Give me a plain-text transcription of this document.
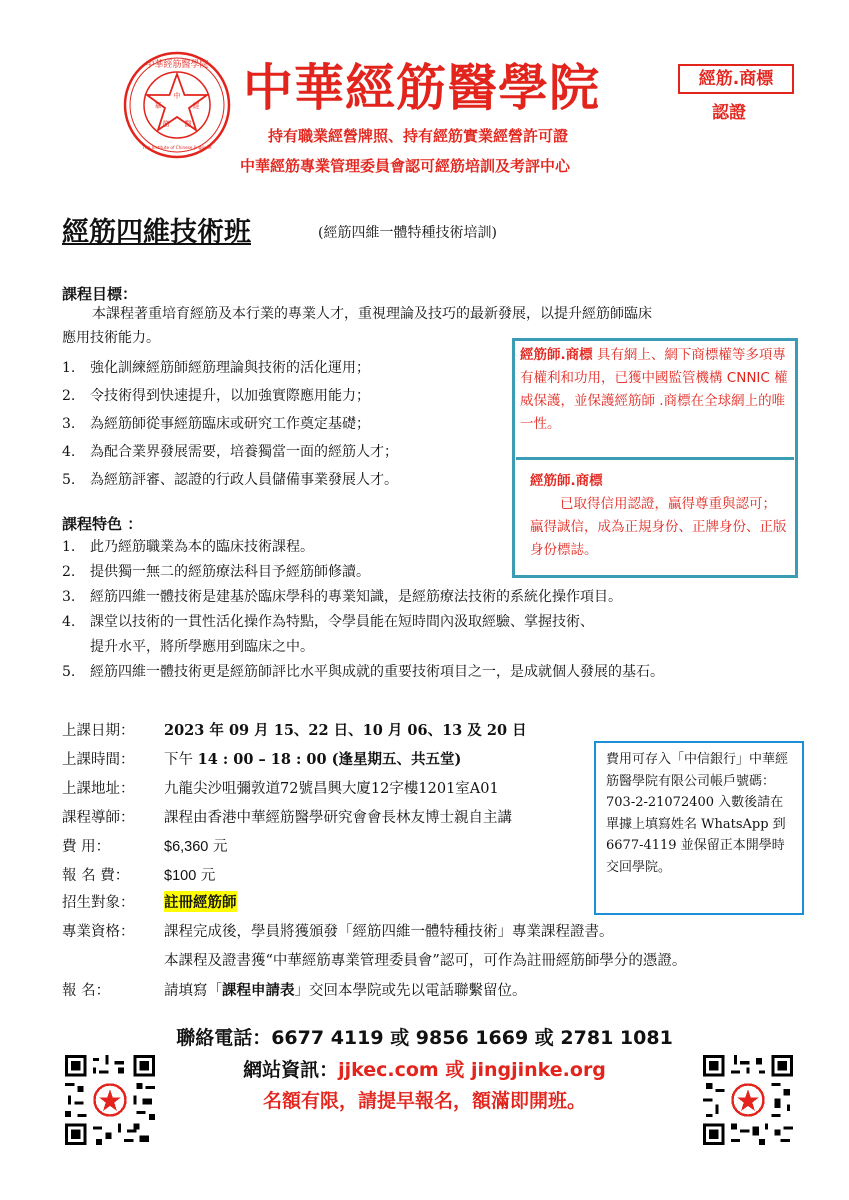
中華經筋醫學院
The Institute of Chinese JingJinke
中
華	經
筋 醫
中華經筋醫學院
持有職業經營牌照、持有經筋實業經營許可證
中華經筋專業管理委員會認可經筋培訓及考評中心
經筋.商標
認證
經筋四維技術班	(經筋四維一體特種技術培訓)
課程目標：
本課程著重培育經筋及本行業的專業人才，重視理論及技巧的最新發展，以提升經筋師臨床
應用技術能力。
1. 強化訓練經筋師經筋理論與技術的活化運用；
2. 令技術得到快速提升，以加強實際應用能力；
3. 為經筋師從事經筋臨床或研究工作奠定基礎；
4. 為配合業界發展需要，培養獨當一面的經筋人才；
5. 為經筋評審、認證的行政人員儲備事業發展人才。
經筋師.商標 具有網上、網下商標權等多項專有權利和功用，已獲中國監管機構 CNNIC 權威保護，並保護經筋師 .商標在全球網上的唯一性。
經筋師.商標
已取得信用認證，贏得尊重與認可；贏得誠信，成為正規身份、正牌身份、正版身份標誌。
課程特色 ：
1. 此乃經筋職業為本的臨床技術課程。
2. 提供獨一無二的經筋療法科目予經筋師修讀。
3. 經筋四維一體技術是建基於臨床學科的專業知識，是經筋療法技術的系統化操作項目。
4. 課堂以技術的一貫性活化操作為特點，令學員能在短時間內汲取經驗、掌握技術、
提升水平，將所學應用到臨床之中。
5. 經筋四維一體技術更是經筋師評比水平與成就的重要技術項目之一，是成就個人發展的基石。
上課日期： 2023 年 09 月 15、22 日、10 月 06、13 及 20 日
上課時間： 下午 14 : 00 – 18 : 00 (逢星期五、共五堂)
上課地址： 九龍尖沙咀彌敦道72號昌興大廈12字樓1201室A01
課程導師： 課程由香港中華經筋醫學研究會會長林友博士親自主講
費 用：	$6,360 元
報 名 費： $100 元
招生對象： 註冊經筋師
專業資格： 課程完成後，學員將獲頒發「經筋四維一體特種技術」專業課程證書。
本課程及證書獲“中華經筋專業管理委員會”認可，可作為註冊經筋師學分的憑證。
報 名：	請填寫「課程申請表」交回本學院或先以電話聯繫留位。
費用可存入「中信銀行」中華經筋醫學院有限公司帳戶號碼：703-2-21072400 入數後請在單據上填寫姓名 WhatsApp 到 6677-4119 並保留正本開學時交回學院。
聯絡電話：6677 4119 或 9856 1669 或 2781 1081
網站資訊：jjkec.com 或 jingjinke.org
名額有限，請提早報名，額滿即開班。
